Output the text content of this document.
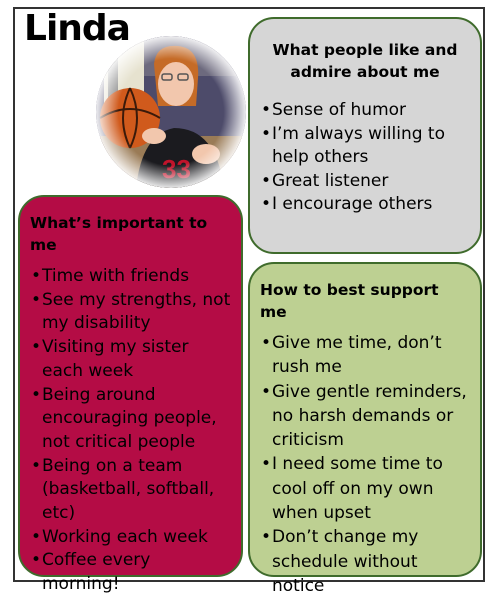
Linda
What people like and admire about me
• Sense of humor
• I’m always willing to help others
• Great listener
• I encourage others
What’s important to me
• Time with friends
• See my strengths, not my disability
• Visiting my sister each week
• Being around encouraging people, not critical people
• Being on a team (basketball, softball, etc)
• Working each week
• Coffee every morning!
How to best support me
• Give me time, don’t rush me
• Give gentle reminders, no harsh demands or criticism
• I need some time to cool off on my own when upset
• Don’t change my schedule without notice
